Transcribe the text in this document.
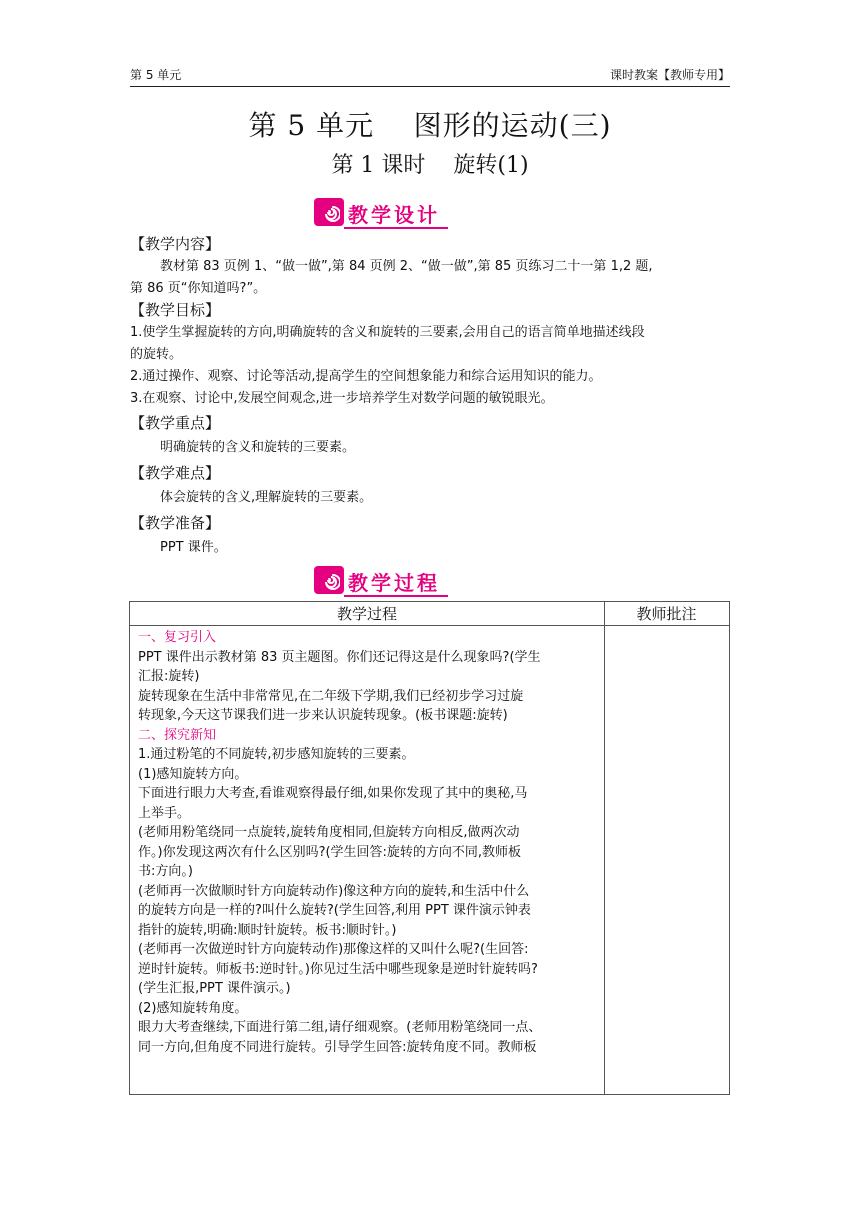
第 5 单元	课时教案【教师专用】
第 5 单元    图形的运动(三)
第 1 课时    旋转(1)
教学设计
【教学内容】
教材第 83 页例 1、“做一做”,第 84 页例 2、“做一做”,第 85 页练习二十一第 1,2 题,
第 86 页“你知道吗?”。
【教学目标】
1.使学生掌握旋转的方向,明确旋转的含义和旋转的三要素,会用自己的语言简单地描述线段
的旋转。
2.通过操作、观察、讨论等活动,提高学生的空间想象能力和综合运用知识的能力。
3.在观察、讨论中,发展空间观念,进一步培养学生对数学问题的敏锐眼光。
【教学重点】
明确旋转的含义和旋转的三要素。
【教学难点】
体会旋转的含义,理解旋转的三要素。
【教学准备】
PPT 课件。
教学过程
教学过程	教师批注

一、复习引入

PPT 课件出示教材第 83 页主题图。你们还记得这是什么现象吗?(学生

汇报:旋转)

旋转现象在生活中非常常见,在二年级下学期,我们已经初步学习过旋

转现象,今天这节课我们进一步来认识旋转现象。(板书课题:旋转)

二、探究新知

1.通过粉笔的不同旋转,初步感知旋转的三要素。

(1)感知旋转方向。

下面进行眼力大考查,看谁观察得最仔细,如果你发现了其中的奥秘,马

上举手。

(老师用粉笔绕同一点旋转,旋转角度相同,但旋转方向相反,做两次动

作。)你发现这两次有什么区别吗?(学生回答:旋转的方向不同,教师板

书:方向。)

(老师再一次做顺时针方向旋转动作)像这种方向的旋转,和生活中什么

的旋转方向是一样的?叫什么旋转?(学生回答,利用 PPT 课件演示钟表

指针的旋转,明确:顺时针旋转。板书:顺时针。)

(老师再一次做逆时针方向旋转动作)那像这样的又叫什么呢?(生回答:

逆时针旋转。师板书:逆时针。)你见过生活中哪些现象是逆时针旋转吗?

(学生汇报,PPT 课件演示。)

(2)感知旋转角度。

眼力大考查继续,下面进行第二组,请仔细观察。(老师用粉笔绕同一点、

同一方向,但角度不同进行旋转。引导学生回答:旋转角度不同。教师板
